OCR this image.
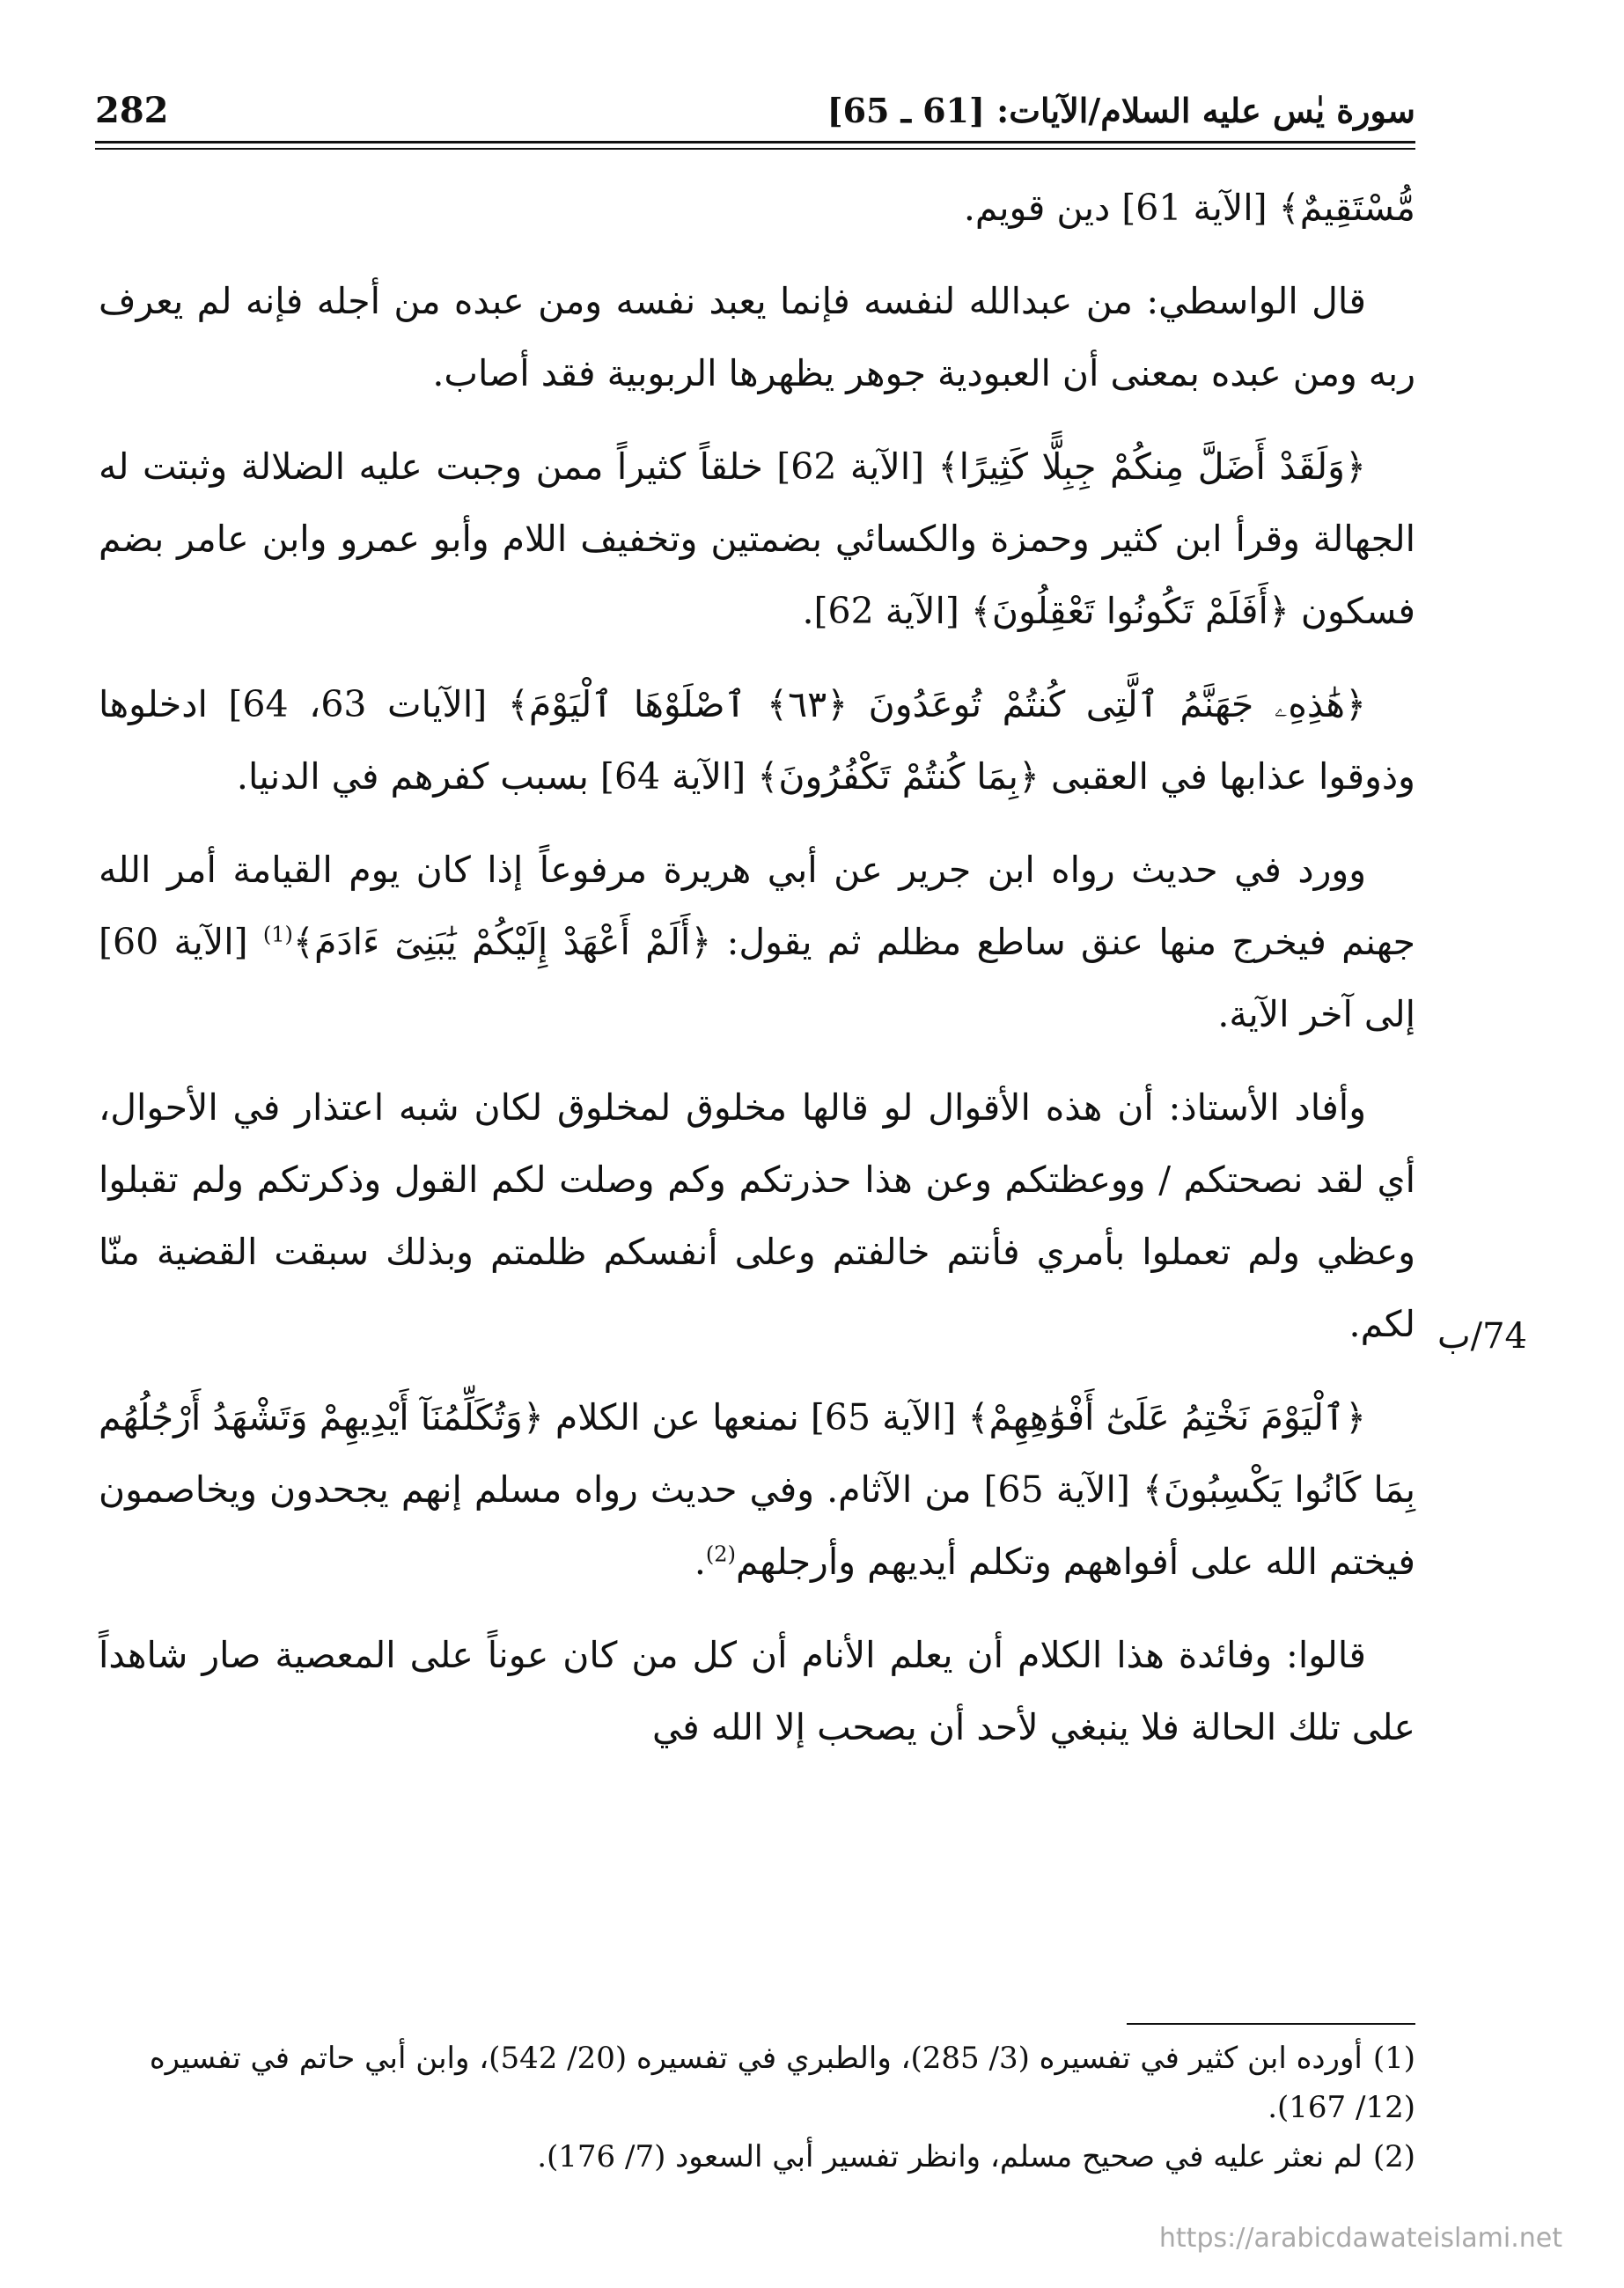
282	سورة يٰس عليه السلام/الآيات: [61 ـ 65]

مُّسْتَقِيمٌ﴾ [الآية 61] دين قويم.

قال الواسطي: من عبدالله لنفسه فإنما يعبد نفسه ومن عبده من أجله فإنه لم يعرف ربه ومن عبده بمعنى أن العبودية جوهر يظهرها الربوبية فقد أصاب.

﴿وَلَقَدْ أَضَلَّ مِنكُمْ جِبِلًّا كَثِيرًا﴾ [الآية 62] خلقاً كثيراً ممن وجبت عليه الضلالة وثبتت له الجهالة وقرأ ابن كثير وحمزة والكسائي بضمتين وتخفيف اللام وأبو عمرو وابن عامر بضم فسكون ﴿أَفَلَمْ تَكُونُوا تَعْقِلُونَ﴾ [الآية 62].

﴿هَٰذِهِۦ جَهَنَّمُ ٱلَّتِى كُنتُمْ تُوعَدُونَ ﴿٦٣﴾ ٱصْلَوْهَا ٱلْيَوْمَ﴾ [الآيات 63، 64] ادخلوها وذوقوا عذابها في العقبى ﴿بِمَا كُنتُمْ تَكْفُرُونَ﴾ [الآية 64] بسبب كفرهم في الدنيا.

وورد في حديث رواه ابن جرير عن أبي هريرة مرفوعاً إذا كان يوم القيامة أمر الله جهنم فيخرج منها عنق ساطع مظلم ثم يقول: ﴿أَلَمْ أَعْهَدْ إِلَيْكُمْ يَٰبَنِىٓ ءَادَمَ﴾$^{(1)}$ [الآية 60] إلى آخر الآية.

وأفاد الأستاذ: أن هذه الأقوال لو قالها مخلوق لمخلوق لكان شبه اعتذار في الأحوال، أي لقد نصحتكم / ووعظتكم وعن هذا حذرتكم وكم وصلت لكم القول وذكرتكم ولم تقبلوا وعظي ولم تعملوا بأمري فأنتم خالفتم وعلى أنفسكم ظلمتم وبذلك سبقت القضية منّا لكم.

﴿ٱلْيَوْمَ نَخْتِمُ عَلَىٰٓ أَفْوَٰهِهِمْ﴾ [الآية 65] نمنعها عن الكلام ﴿وَتُكَلِّمُنَآ أَيْدِيهِمْ وَتَشْهَدُ أَرْجُلُهُم بِمَا كَانُوا يَكْسِبُونَ﴾ [الآية 65] من الآثام. وفي حديث رواه مسلم إنهم يجحدون ويخاصمون فيختم الله على أفواههم وتكلم أيديهم وأرجلهم$^{(2)}$.

قالوا: وفائدة هذا الكلام أن يعلم الأنام أن كل من كان عوناً على المعصية صار شاهداً على تلك الحالة فلا ينبغي لأحد أن يصحب إلا الله في

74/ب

(1)أورده ابن كثير في تفسيره (3/ 285)، والطبري في تفسيره (20/ 542)، وابن أبي حاتم في تفسيره (12/ 167).

(2)لم نعثر عليه في صحيح مسلم، وانظر تفسير أبي السعود (7/ 176).

https://arabicdawateislami.net
